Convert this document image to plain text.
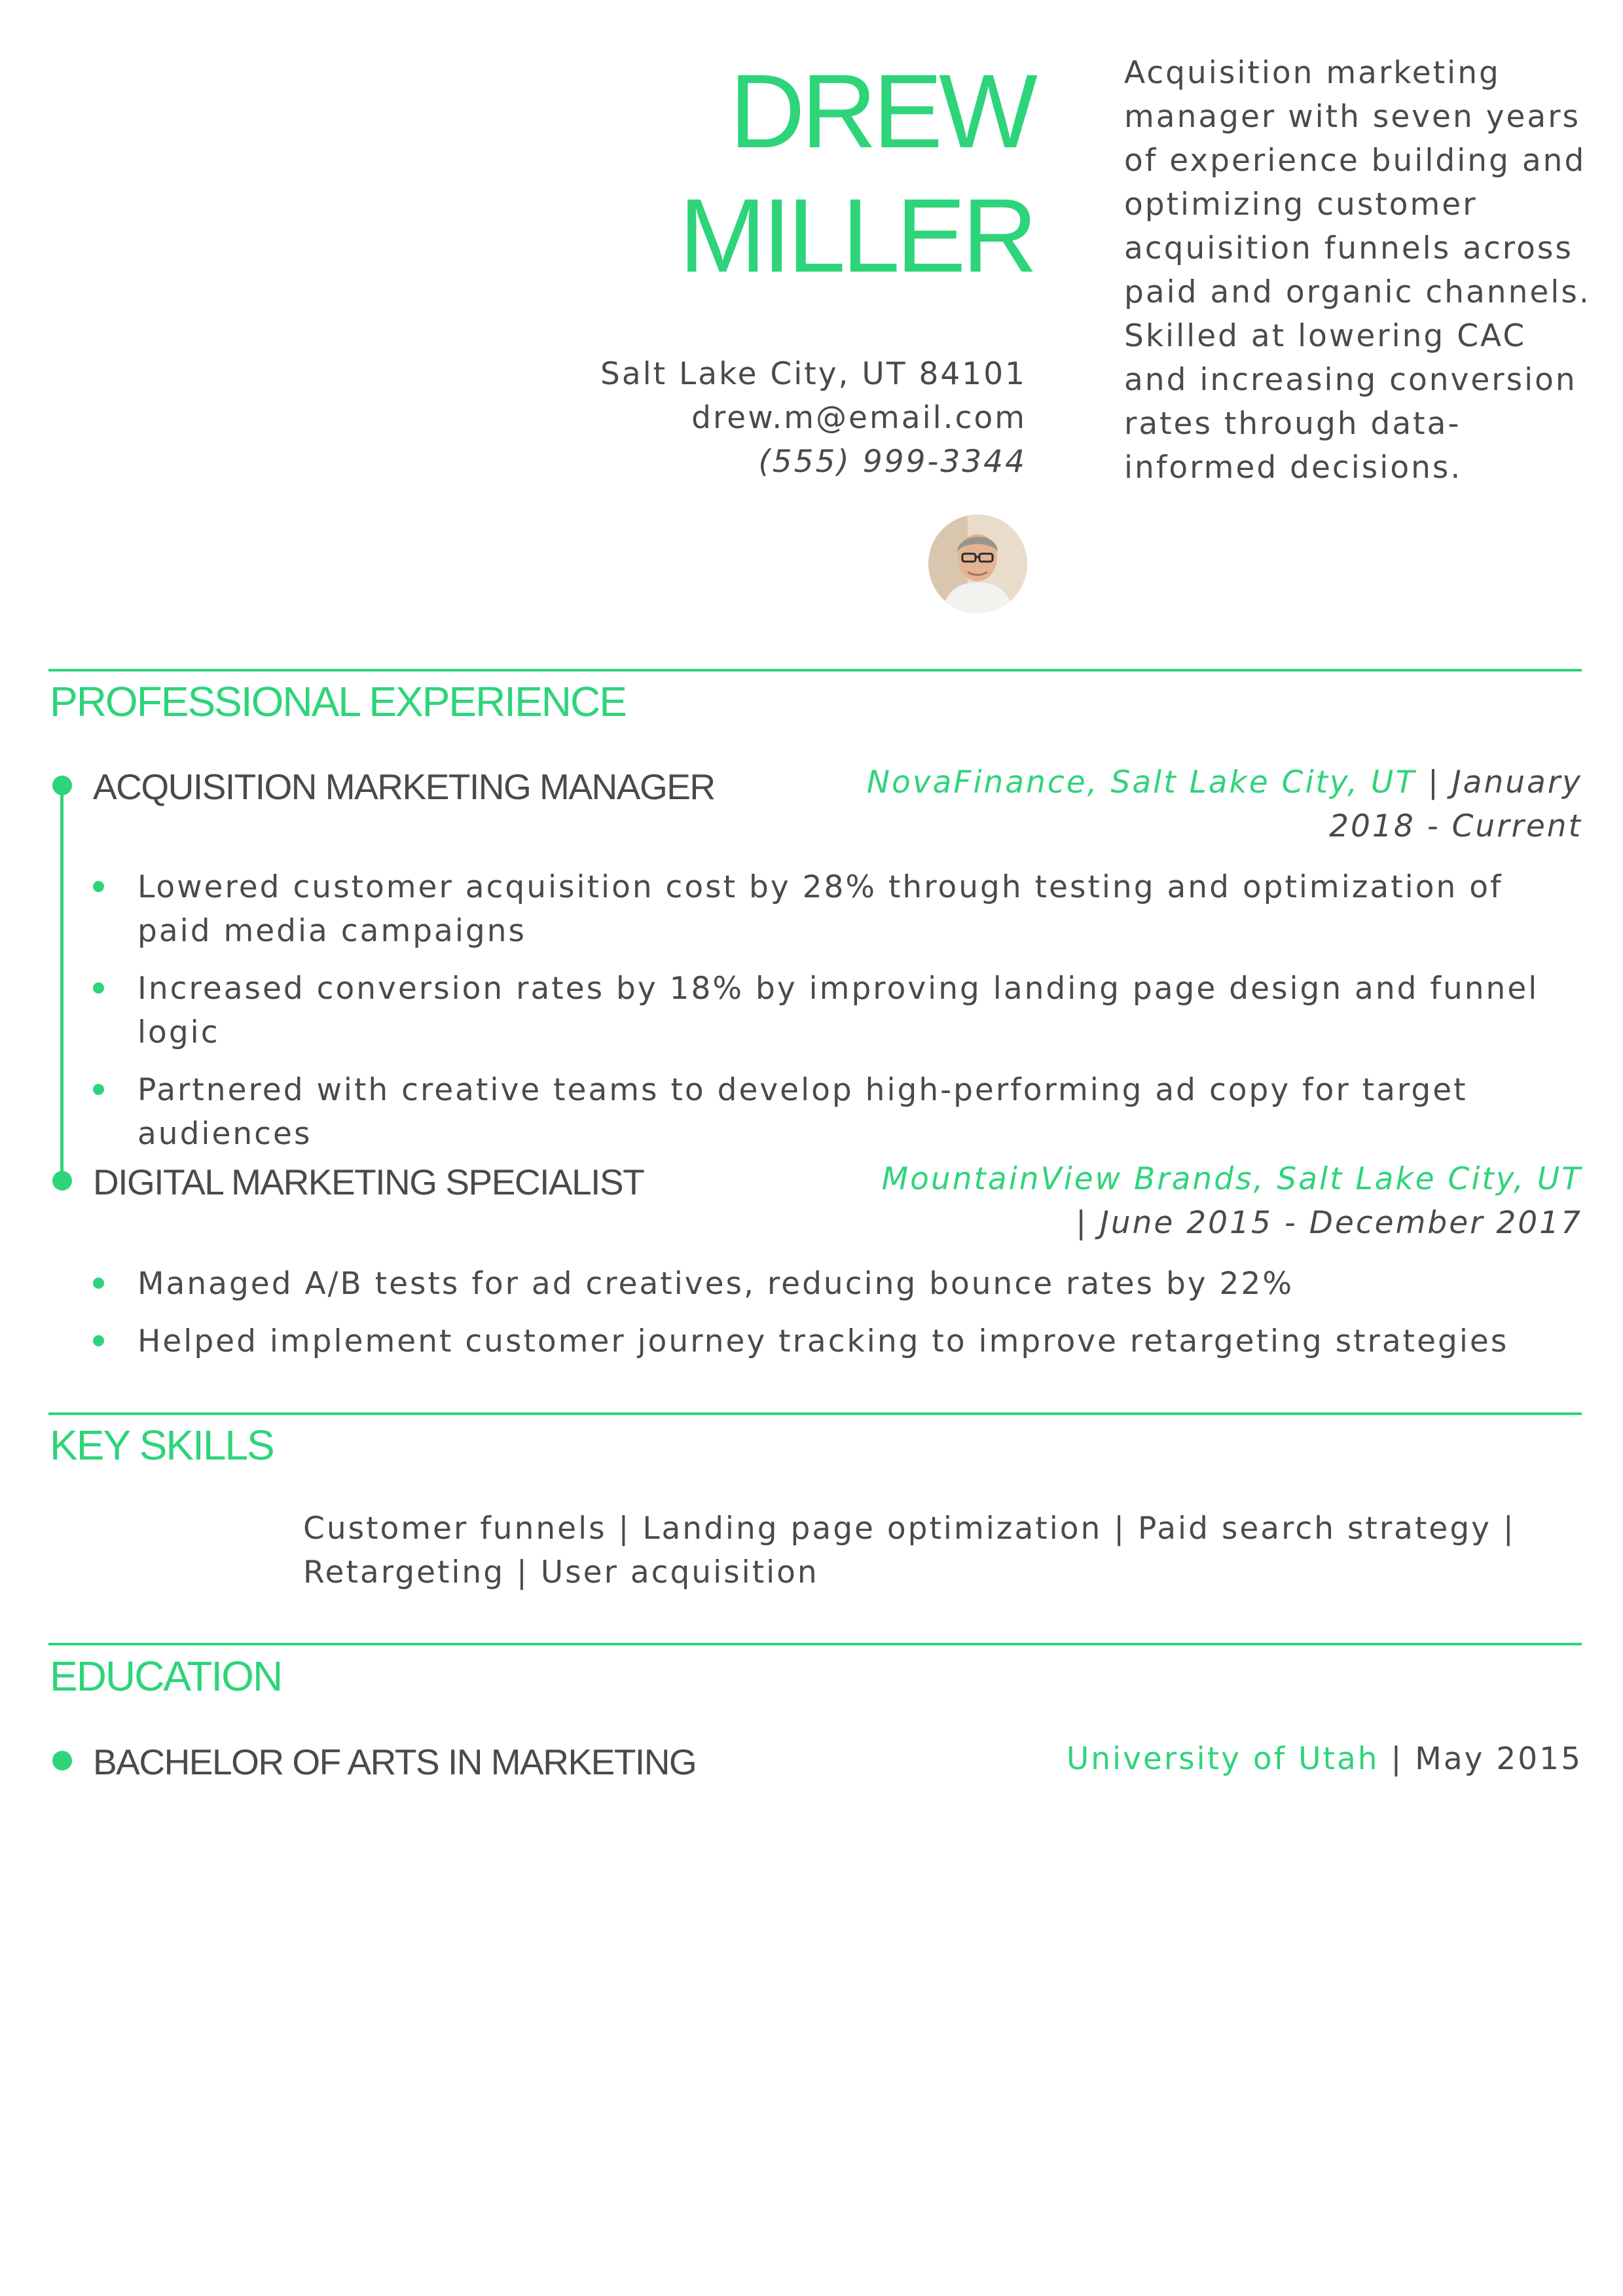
DREW
MILLER
Salt Lake City, UT 84101
drew.m@email.com
(555) 999-3344
Acquisition marketing manager with seven years of experience building and optimizing customer acquisition funnels across paid and organic channels. Skilled at lowering CAC and increasing conversion rates through data-informed decisions.
PROFESSIONAL EXPERIENCE
ACQUISITION MARKETING MANAGER	NovaFinance, Salt Lake City, UT | January 2018 - Current
Lowered customer acquisition cost by 28% through testing and optimization of paid media campaigns
Increased conversion rates by 18% by improving landing page design and funnel logic
Partnered with creative teams to develop high-performing ad copy for target audiences
DIGITAL MARKETING SPECIALIST	MountainView Brands, Salt Lake City, UT | June 2015 - December 2017
Managed A/B tests for ad creatives, reducing bounce rates by 22%
Helped implement customer journey tracking to improve retargeting strategies
KEY SKILLS
Customer funnels | Landing page optimization | Paid search strategy | Retargeting | User acquisition
EDUCATION
BACHELOR OF ARTS IN MARKETING	University of Utah | May 2015
